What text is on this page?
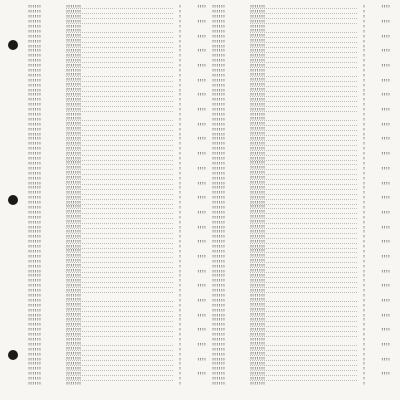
▯▯▯▯▯▯	▯▯▯▯▯▯▯	▯	▯▯▯▯
▯▯▯▯▯▯	▯▯▯▯▯▯▯	▯
▯▯▯▯▯▯	▯▯▯▯▯▯▯	▯
▯▯▯▯▯▯	▯▯▯▯▯▯▯	▯	▯▯▯▯
▯▯▯▯▯▯	▯▯▯▯▯▯▯	▯
▯▯▯▯▯▯	▯▯▯▯▯▯▯	▯
▯▯▯▯▯▯	▯▯▯▯▯▯▯	▯	▯▯▯▯
▯▯▯▯▯▯	▯▯▯▯▯▯▯	▯
▯▯▯▯▯▯	▯▯▯▯▯▯▯	▯
▯▯▯▯▯▯	▯▯▯▯▯▯▯	▯	▯▯▯▯
▯▯▯▯▯▯	▯▯▯▯▯▯▯	▯
▯▯▯▯▯▯	▯▯▯▯▯▯▯	▯
▯▯▯▯▯▯	▯▯▯▯▯▯▯	▯	▯▯▯▯
▯▯▯▯▯▯	▯▯▯▯▯▯▯	▯
▯▯▯▯▯▯	▯▯▯▯▯▯▯	▯
▯▯▯▯▯▯	▯▯▯▯▯▯▯	▯	▯▯▯▯
▯▯▯▯▯▯	▯▯▯▯▯▯▯	▯
▯▯▯▯▯▯	▯▯▯▯▯▯▯	▯
▯▯▯▯▯▯	▯▯▯▯▯▯▯	▯	▯▯▯▯
▯▯▯▯▯▯	▯▯▯▯▯▯▯	▯
▯▯▯▯▯▯	▯▯▯▯▯▯▯	▯
▯▯▯▯▯▯	▯▯▯▯▯▯▯	▯	▯▯▯▯
▯▯▯▯▯▯	▯▯▯▯▯▯▯	▯
▯▯▯▯▯▯	▯▯▯▯▯▯▯	▯
▯▯▯▯▯▯	▯▯▯▯▯▯▯	▯	▯▯▯▯
▯▯▯▯▯▯	▯▯▯▯▯▯▯	▯
▯▯▯▯▯▯	▯▯▯▯▯▯▯	▯
▯▯▯▯▯▯	▯▯▯▯▯▯▯	▯	▯▯▯▯
▯▯▯▯▯▯	▯▯▯▯▯▯▯	▯
▯▯▯▯▯▯	▯▯▯▯▯▯▯	▯
▯▯▯▯▯▯	▯▯▯▯▯▯▯	▯	▯▯▯▯
▯▯▯▯▯▯	▯▯▯▯▯▯▯	▯
▯▯▯▯▯▯	▯▯▯▯▯▯▯	▯
▯▯▯▯▯▯	▯▯▯▯▯▯▯	▯	▯▯▯▯
▯▯▯▯▯▯	▯▯▯▯▯▯▯	▯
▯▯▯▯▯▯	▯▯▯▯▯▯▯	▯
▯▯▯▯▯▯	▯▯▯▯▯▯▯	▯	▯▯▯▯
▯▯▯▯▯▯	▯▯▯▯▯▯▯	▯
▯▯▯▯▯▯	▯▯▯▯▯▯▯	▯
▯▯▯▯▯▯	▯▯▯▯▯▯▯	▯	▯▯▯▯
▯▯▯▯▯▯	▯▯▯▯▯▯▯	▯
▯▯▯▯▯▯	▯▯▯▯▯▯▯	▯
▯▯▯▯▯▯	▯▯▯▯▯▯▯	▯	▯▯▯▯
▯▯▯▯▯▯	▯▯▯▯▯▯▯	▯
▯▯▯▯▯▯	▯▯▯▯▯▯▯	▯
▯▯▯▯▯▯	▯▯▯▯▯▯▯	▯	▯▯▯▯
▯▯▯▯▯▯	▯▯▯▯▯▯▯	▯
▯▯▯▯▯▯	▯▯▯▯▯▯▯	▯
▯▯▯▯▯▯	▯▯▯▯▯▯▯	▯	▯▯▯▯
▯▯▯▯▯▯	▯▯▯▯▯▯▯	▯
▯▯▯▯▯▯	▯▯▯▯▯▯▯	▯
▯▯▯▯▯▯	▯▯▯▯▯▯▯	▯	▯▯▯▯
▯▯▯▯▯▯	▯▯▯▯▯▯▯	▯
▯▯▯▯▯▯	▯▯▯▯▯▯▯	▯
▯▯▯▯▯▯	▯▯▯▯▯▯▯	▯	▯▯▯▯
▯▯▯▯▯▯	▯▯▯▯▯▯▯	▯
▯▯▯▯▯▯	▯▯▯▯▯▯▯	▯
▯▯▯▯▯▯	▯▯▯▯▯▯▯	▯	▯▯▯▯
▯▯▯▯▯▯	▯▯▯▯▯▯▯	▯
▯▯▯▯▯▯	▯▯▯▯▯▯▯	▯
▯▯▯▯▯▯	▯▯▯▯▯▯▯	▯	▯▯▯▯
▯▯▯▯▯▯	▯▯▯▯▯▯▯	▯
▯▯▯▯▯▯	▯▯▯▯▯▯▯	▯
▯▯▯▯▯▯	▯▯▯▯▯▯▯	▯	▯▯▯▯
▯▯▯▯▯▯	▯▯▯▯▯▯▯	▯
▯▯▯▯▯▯	▯▯▯▯▯▯▯	▯
▯▯▯▯▯▯	▯▯▯▯▯▯▯	▯	▯▯▯▯
▯▯▯▯▯▯	▯▯▯▯▯▯▯	▯
▯▯▯▯▯▯	▯▯▯▯▯▯▯	▯
▯▯▯▯▯▯	▯▯▯▯▯▯▯	▯	▯▯▯▯
▯▯▯▯▯▯	▯▯▯▯▯▯▯	▯
▯▯▯▯▯▯	▯▯▯▯▯▯▯	▯
▯▯▯▯▯▯	▯▯▯▯▯▯▯	▯	▯▯▯▯
▯▯▯▯▯▯	▯▯▯▯▯▯▯	▯
▯▯▯▯▯▯	▯▯▯▯▯▯▯	▯
▯▯▯▯▯▯	▯▯▯▯▯▯▯	▯	▯▯▯▯
▯▯▯▯▯▯	▯▯▯▯▯▯▯	▯
▯▯▯▯▯▯	▯▯▯▯▯▯▯	▯
▯▯▯▯▯▯	▯▯▯▯▯▯▯	▯	▯▯▯▯
▯▯▯▯▯▯	▯▯▯▯▯▯▯	▯
▯▯▯▯▯▯	▯▯▯▯▯▯▯	▯
▯▯▯▯▯▯	▯▯▯▯▯▯▯	▯	▯▯▯▯
▯▯▯▯▯▯	▯▯▯▯▯▯▯	▯
▯▯▯▯▯▯	▯▯▯▯▯▯▯	▯
▯▯▯▯▯▯	▯▯▯▯▯▯▯	▯	▯▯▯▯
▯▯▯▯▯▯	▯▯▯▯▯▯▯	▯
▯▯▯▯▯▯	▯▯▯▯▯▯▯	▯
▯▯▯▯▯▯	▯▯▯▯▯▯▯	▯	▯▯▯▯
▯▯▯▯▯▯	▯▯▯▯▯▯▯	▯
▯▯▯▯▯▯	▯▯▯▯▯▯▯	▯
▯▯▯▯▯▯	▯▯▯▯▯▯▯	▯	▯▯▯▯
▯▯▯▯▯▯	▯▯▯▯▯▯▯	▯
▯▯▯▯▯▯	▯▯▯▯▯▯▯	▯
▯▯▯▯▯▯	▯▯▯▯▯▯▯	▯	▯▯▯▯
▯▯▯▯▯▯	▯▯▯▯▯▯▯	▯
▯▯▯▯▯▯	▯▯▯▯▯▯▯	▯
▯▯▯▯▯▯	▯▯▯▯▯▯▯	▯	▯▯▯▯
▯▯▯▯▯▯	▯▯▯▯▯▯▯	▯
▯▯▯▯▯▯	▯▯▯▯▯▯▯	▯
▯▯▯▯▯▯	▯▯▯▯▯▯▯	▯	▯▯▯▯
▯▯▯▯▯▯	▯▯▯▯▯▯▯	▯
▯▯▯▯▯▯	▯▯▯▯▯▯▯	▯
▯▯▯▯▯▯	▯▯▯▯▯▯▯	▯	▯▯▯▯
▯▯▯▯▯▯	▯▯▯▯▯▯▯	▯
▯▯▯▯▯▯	▯▯▯▯▯▯▯	▯
▯▯▯▯▯▯	▯▯▯▯▯▯▯	▯	▯▯▯▯
▯▯▯▯▯▯	▯▯▯▯▯▯▯	▯
▯▯▯▯▯▯	▯▯▯▯▯▯▯	▯
▯▯▯▯▯▯	▯▯▯▯▯▯▯	▯	▯▯▯▯
▯▯▯▯▯▯	▯▯▯▯▯▯▯	▯
▯▯▯▯▯▯	▯▯▯▯▯▯▯	▯
▯▯▯▯▯▯	▯▯▯▯▯▯▯	▯	▯▯▯▯
▯▯▯▯▯▯	▯▯▯▯▯▯▯	▯
▯▯▯▯▯▯	▯▯▯▯▯▯▯	▯
▯▯▯▯▯▯	▯▯▯▯▯▯▯	▯	▯▯▯▯
▯▯▯▯▯▯	▯▯▯▯▯▯▯	▯
▯▯▯▯▯▯	▯▯▯▯▯▯▯	▯
▯▯▯▯▯▯	▯▯▯▯▯▯▯	▯	▯▯▯▯
▯▯▯▯▯▯	▯▯▯▯▯▯▯	▯
▯▯▯▯▯▯	▯▯▯▯▯▯▯	▯
▯▯▯▯▯▯	▯▯▯▯▯▯▯	▯	▯▯▯▯
▯▯▯▯▯▯	▯▯▯▯▯▯▯	▯
▯▯▯▯▯▯	▯▯▯▯▯▯▯	▯
▯▯▯▯▯▯	▯▯▯▯▯▯▯	▯	▯▯▯▯
▯▯▯▯▯▯	▯▯▯▯▯▯▯	▯
▯▯▯▯▯▯	▯▯▯▯▯▯▯	▯
▯▯▯▯▯▯	▯▯▯▯▯▯▯	▯	▯▯▯▯
▯▯▯▯▯▯	▯▯▯▯▯▯▯	▯
▯▯▯▯▯▯	▯▯▯▯▯▯▯	▯
▯▯▯▯▯▯	▯▯▯▯▯▯▯	▯	▯▯▯▯
▯▯▯▯▯▯	▯▯▯▯▯▯▯	▯
▯▯▯▯▯▯	▯▯▯▯▯▯▯	▯
▯▯▯▯▯▯	▯▯▯▯▯▯▯	▯	▯▯▯▯
▯▯▯▯▯▯	▯▯▯▯▯▯▯	▯
▯▯▯▯▯▯	▯▯▯▯▯▯▯	▯
▯▯▯▯▯▯	▯▯▯▯▯▯▯	▯	▯▯▯▯
▯▯▯▯▯▯	▯▯▯▯▯▯▯	▯
▯▯▯▯▯▯	▯▯▯▯▯▯▯	▯
▯▯▯▯▯▯	▯▯▯▯▯▯▯	▯	▯▯▯▯
▯▯▯▯▯▯	▯▯▯▯▯▯▯	▯
▯▯▯▯▯▯	▯▯▯▯▯▯▯	▯
▯▯▯▯▯▯	▯▯▯▯▯▯▯	▯	▯▯▯▯
▯▯▯▯▯▯	▯▯▯▯▯▯▯	▯
▯▯▯▯▯▯	▯▯▯▯▯▯▯	▯
▯▯▯▯▯▯	▯▯▯▯▯▯▯	▯	▯▯▯▯
▯▯▯▯▯▯	▯▯▯▯▯▯▯	▯
▯▯▯▯▯▯	▯▯▯▯▯▯▯	▯
▯▯▯▯▯▯	▯▯▯▯▯▯▯	▯	▯▯▯▯
▯▯▯▯▯▯	▯▯▯▯▯▯▯	▯
▯▯▯▯▯▯	▯▯▯▯▯▯▯	▯
▯▯▯▯▯▯	▯▯▯▯▯▯▯	▯	▯▯▯▯
▯▯▯▯▯▯	▯▯▯▯▯▯▯	▯
▯▯▯▯▯▯	▯▯▯▯▯▯▯	▯
▯▯▯▯▯▯	▯▯▯▯▯▯▯	▯	▯▯▯▯
▯▯▯▯▯▯	▯▯▯▯▯▯▯	▯
▯▯▯▯▯▯	▯▯▯▯▯▯▯	▯
